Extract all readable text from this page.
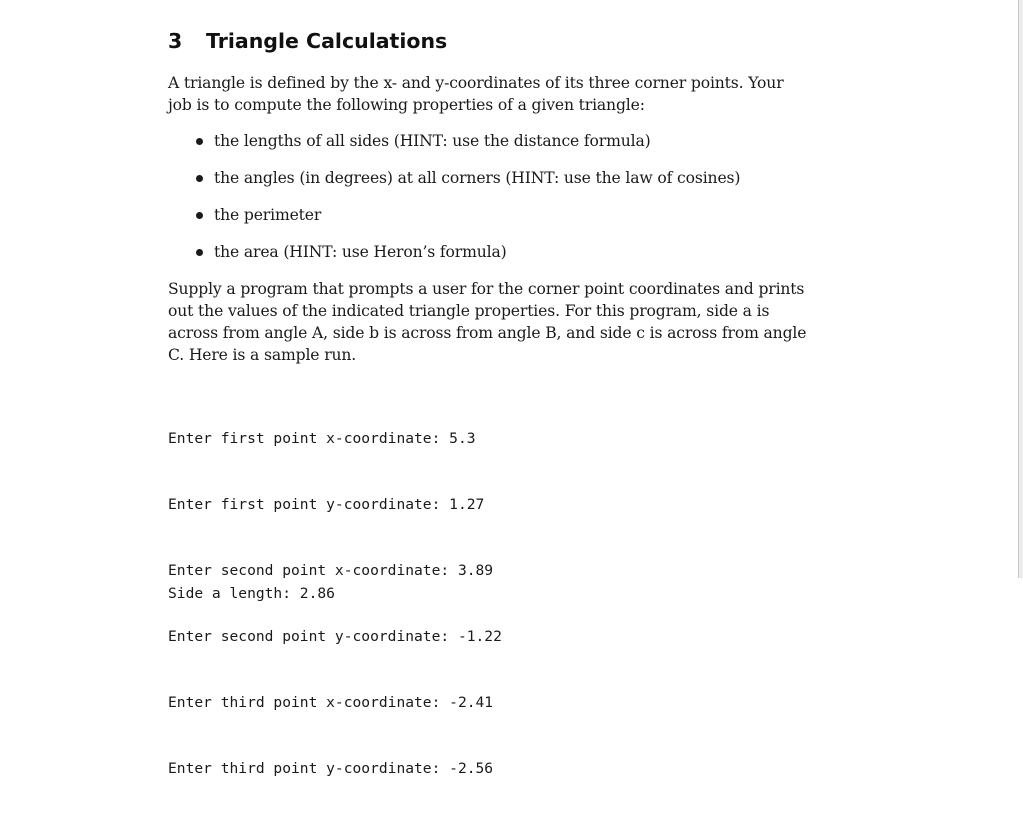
3 Triangle Calculations

A triangle is defined by the x- and y-coordinates of its three corner points. Your job is to compute the following properties of a given triangle:

the lengths of all sides (HINT: use the distance formula)
the angles (in degrees) at all corners (HINT: use the law of cosines)
the perimeter
the area (HINT: use Heron’s formula)

Supply a program that prompts a user for the corner point coordinates and prints out the values of the indicated triangle properties. For this program, side a is across from angle A, side b is across from angle B, and side c is across from angle C. Here is a sample run.

Enter first point x-coordinate: 5.3

Enter first point y-coordinate: 1.27

Enter second point x-coordinate: 3.89

Enter second point y-coordinate: -1.22

Enter third point x-coordinate: -2.41

Enter third point y-coordinate: -2.56

Side a length: 2.86
